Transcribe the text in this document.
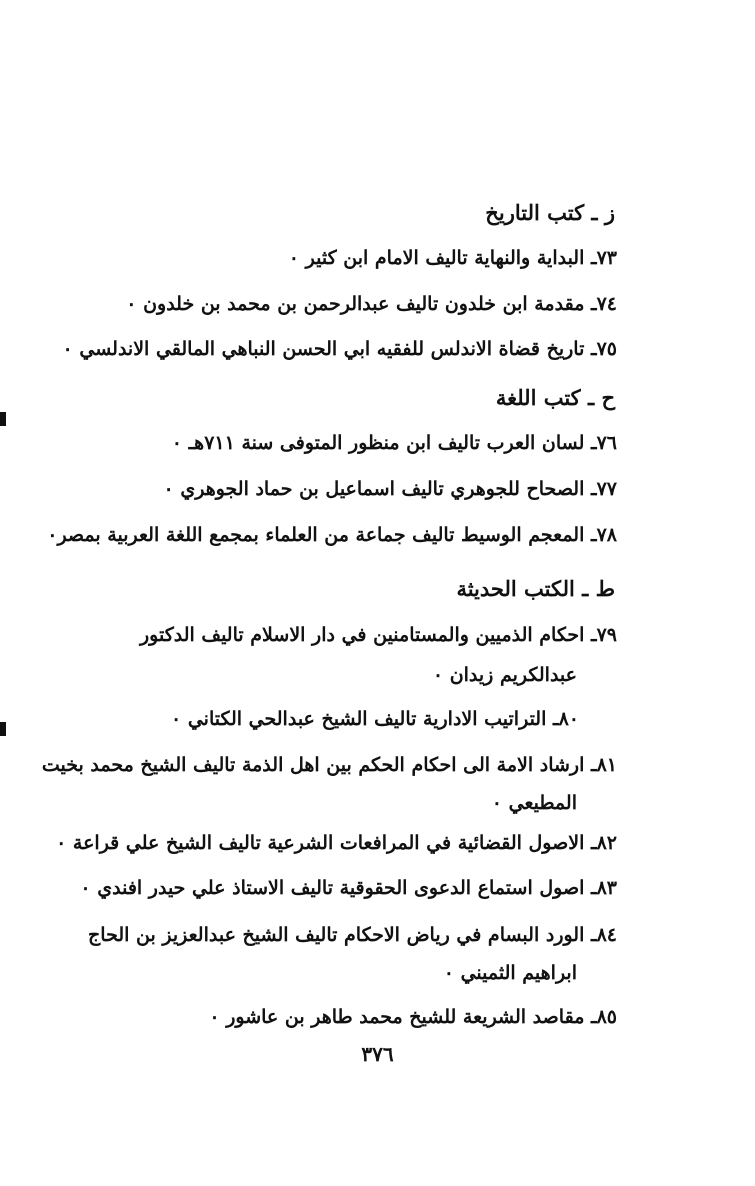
ز ـ كتب التاريخ
٧٣ـ البداية والنهاية تاليف الامام ابن كثير ٠
٧٤ـ مقدمة ابن خلدون تاليف عبدالرحمن بن محمد بن خلدون ٠
٧٥ـ تاريخ قضاة الاندلس للفقيه ابي الحسن النباهي المالقي الاندلسي ٠
ح ـ كتب اللغة
٧٦ـ لسان العرب تاليف ابن منظور المتوفى سنة ٧١١هـ ٠
٧٧ـ الصحاح للجوهري تاليف اسماعيل بن حماد الجوهري ٠
٧٨ـ المعجم الوسيط تاليف جماعة من العلماء بمجمع اللغة العربية بمصر٠
ط ـ الكتب الحديثة
٧٩ـ احكام الذميين والمستامنين في دار الاسلام تاليف الدكتور
عبدالكريم زيدان ٠
٨٠ـ التراتيب الادارية تاليف الشيخ عبدالحي الكتاني ٠
٨١ـ ارشاد الامة الى احكام الحكم بين اهل الذمة تاليف الشيخ محمد بخيت
المطيعي ٠
٨٢ـ الاصول القضائية في المرافعات الشرعية تاليف الشيخ علي قراعة ٠
٨٣ـ اصول استماع الدعوى الحقوقية تاليف الاستاذ علي حيدر افندي ٠
٨٤ـ الورد البسام في رياض الاحكام تاليف الشيخ عبدالعزيز بن الحاج
ابراهيم الثميني ٠
٨٥ـ مقاصد الشريعة للشيخ محمد طاهر بن عاشور ٠
٣٧٦
